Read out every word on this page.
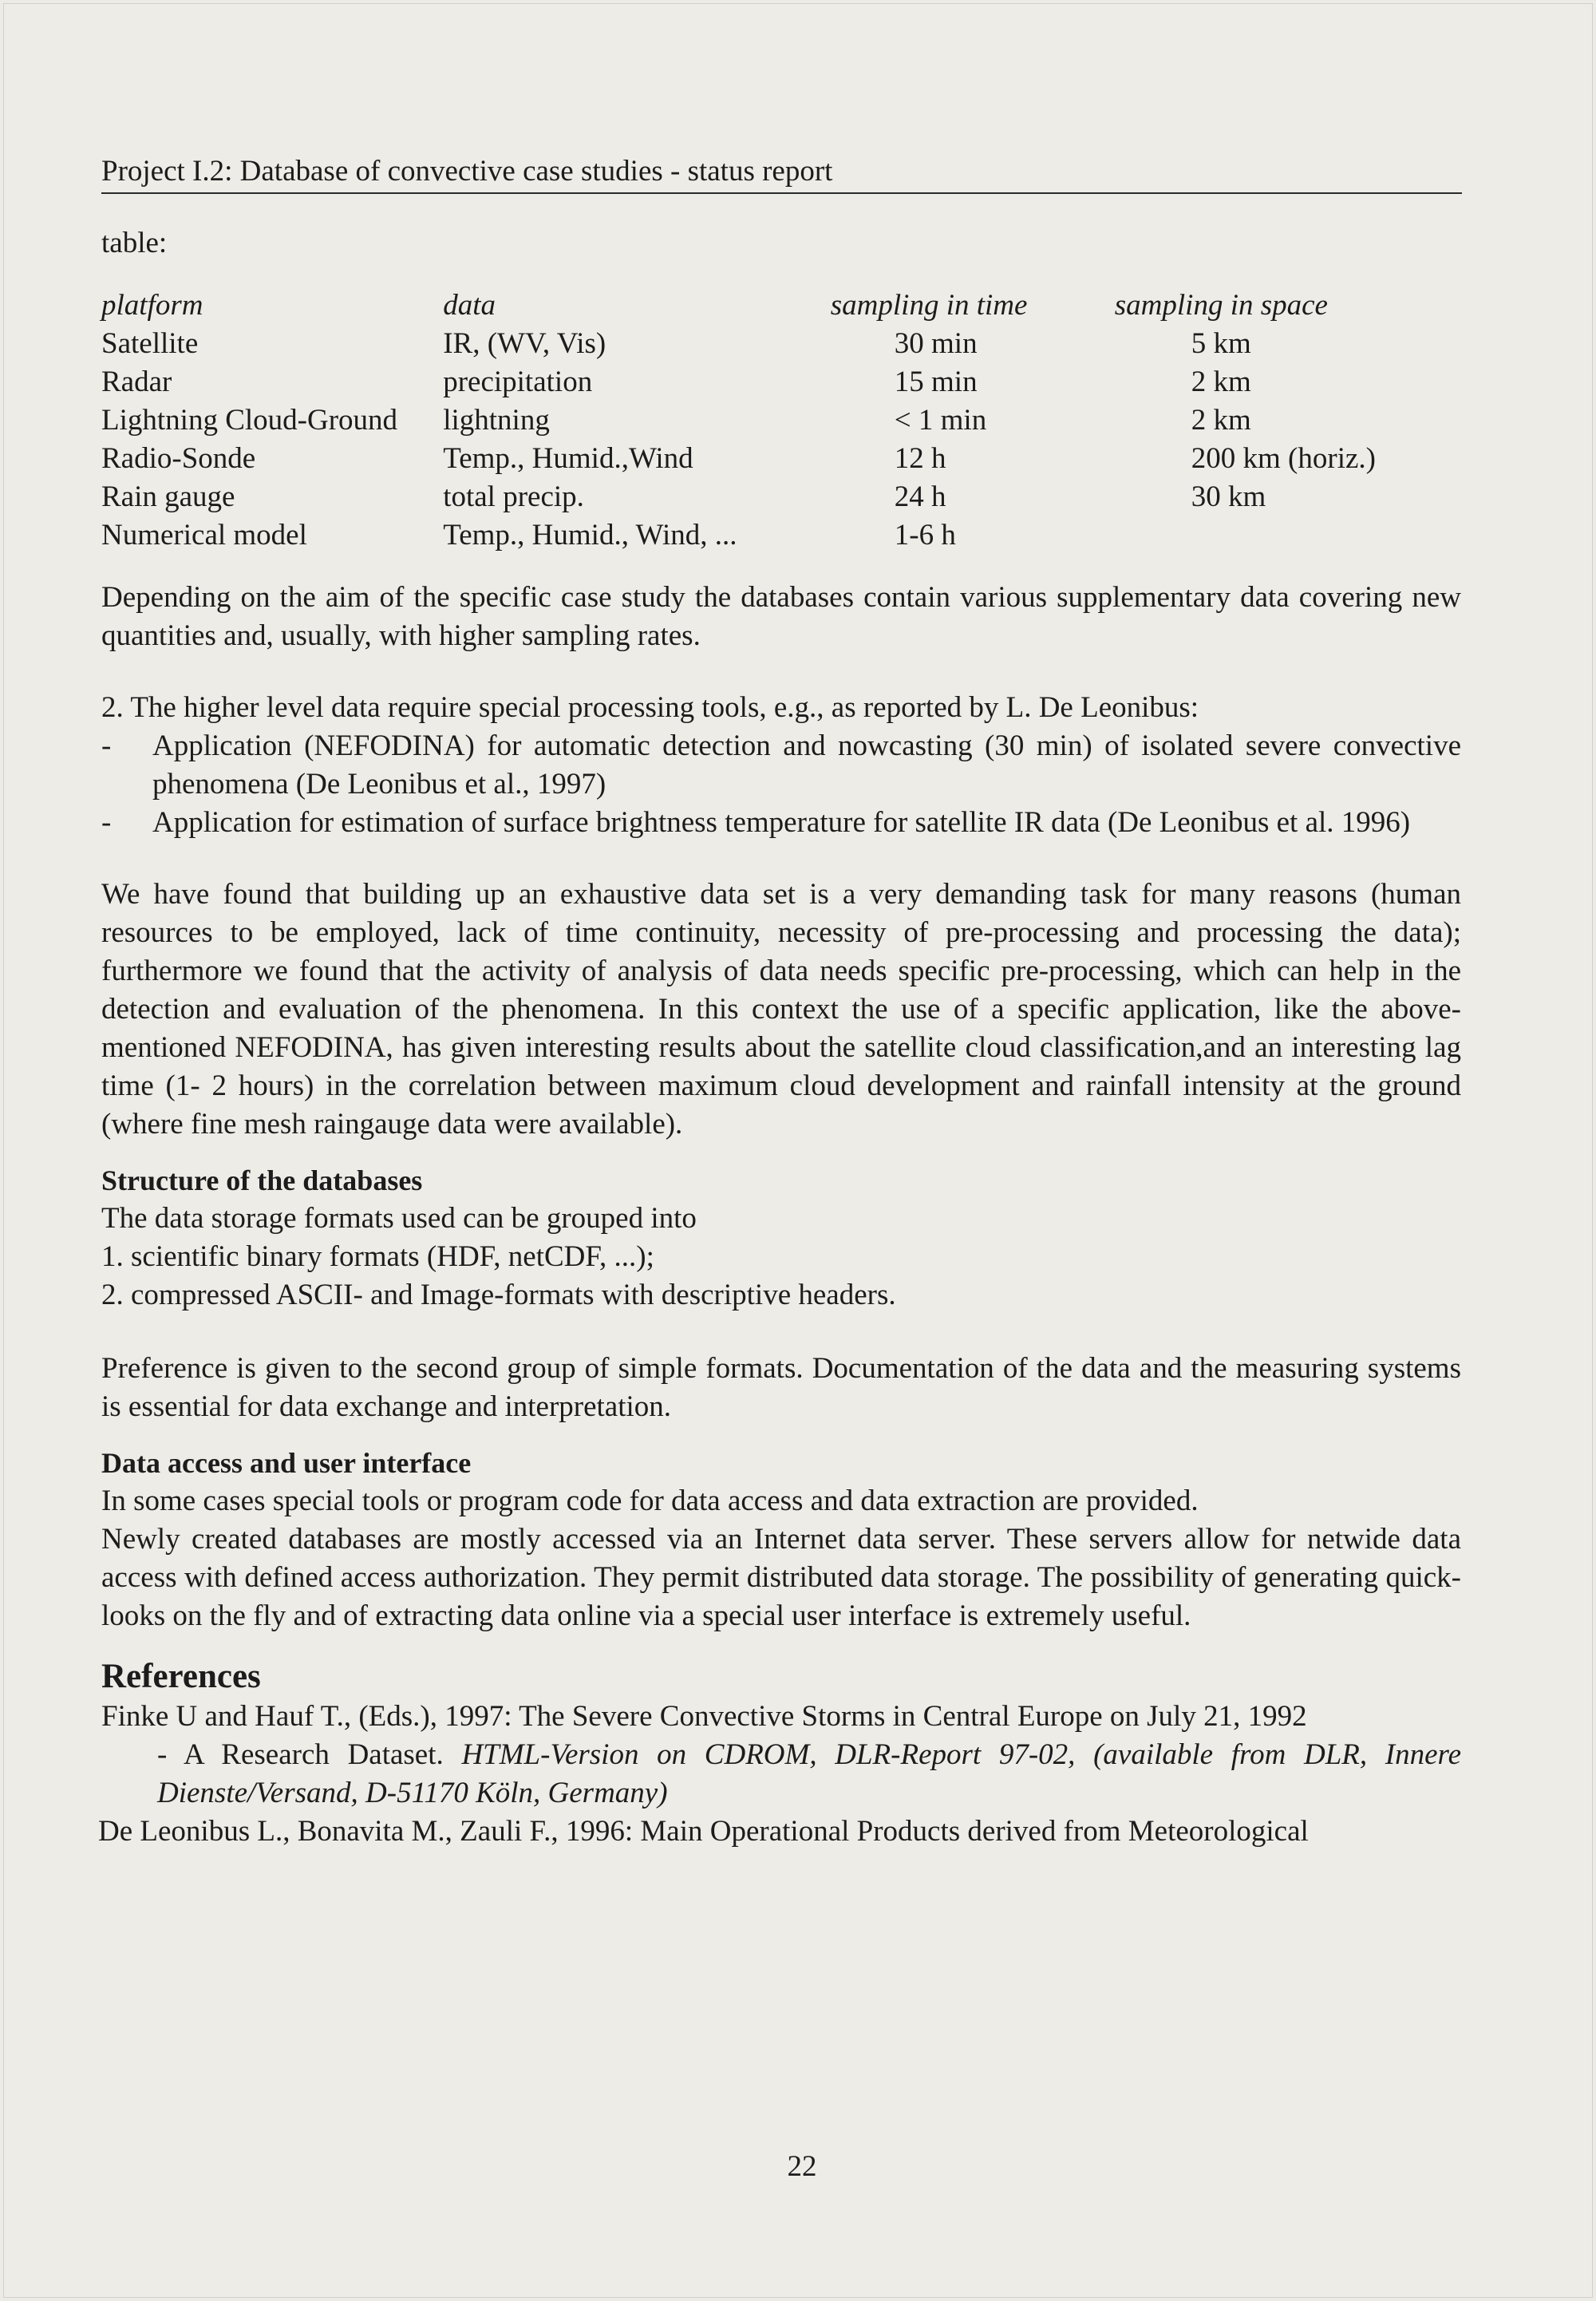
Project I.2: Database of convective case studies - status report

table:

platform	data	sampling in time	sampling in space
Satellite	IR, (WV, Vis)	30 min	5 km
Radar	precipitation	15 min	2 km
Lightning Cloud-Ground	lightning	< 1 min	2 km
Radio-Sonde	Temp., Humid.,Wind	12 h	200 km (horiz.)
Rain gauge	total precip.	24 h	30 km
Numerical model	Temp., Humid., Wind, ...	1-6 h	

Depending on the aim of the specific case study the databases contain various supplementary data covering new quantities and, usually, with higher sampling rates.

2. The higher level data require special processing tools, e.g., as reported by L. De Leonibus:

- Application (NEFODINA) for automatic detection and nowcasting (30 min) of isolated severe convective phenomena (De Leonibus et al., 1997)
- Application for estimation of surface brightness temperature for satellite IR data (De Leonibus et al. 1996)

We have found that building up an exhaustive data set is a very demanding task for many reasons (human resources to be employed, lack of time continuity, necessity of pre-processing and processing the data); furthermore we found that the activity of analysis of data needs specific pre-processing, which can help in the detection and evaluation of the phenomena. In this context the use of a specific application, like the above-mentioned NEFODINA, has given interesting results about the satellite cloud classification,and an interesting lag time (1- 2 hours) in the correlation between maximum cloud development and rainfall intensity at the ground (where fine mesh raingauge data were available).

Structure of the databases

The data storage formats used can be grouped into

1. scientific binary formats (HDF, netCDF, ...);

2. compressed ASCII- and Image-formats with descriptive headers.

Preference is given to the second group of simple formats. Documentation of the data and the measuring systems is essential for data exchange and interpretation.

Data access and user interface

In some cases special tools or program code for data access and data extraction are provided.

Newly created databases are mostly accessed via an Internet data server. These servers allow for netwide data access with defined access authorization. They permit distributed data storage. The possibility of generating quick-looks on the fly and of extracting data online via a special user interface is extremely useful.

References
Finke U and Hauf T., (Eds.), 1997: The Severe Convective Storms in Central Europe on July 21, 1992
- A Research Dataset. HTML-Version on CDROM, DLR-Report 97-02, (available from DLR, Innere Dienste/Versand, D-51170 Köln, Germany)
De Leonibus L., Bonavita M., Zauli F., 1996: Main Operational Products derived from Meteorological
22
